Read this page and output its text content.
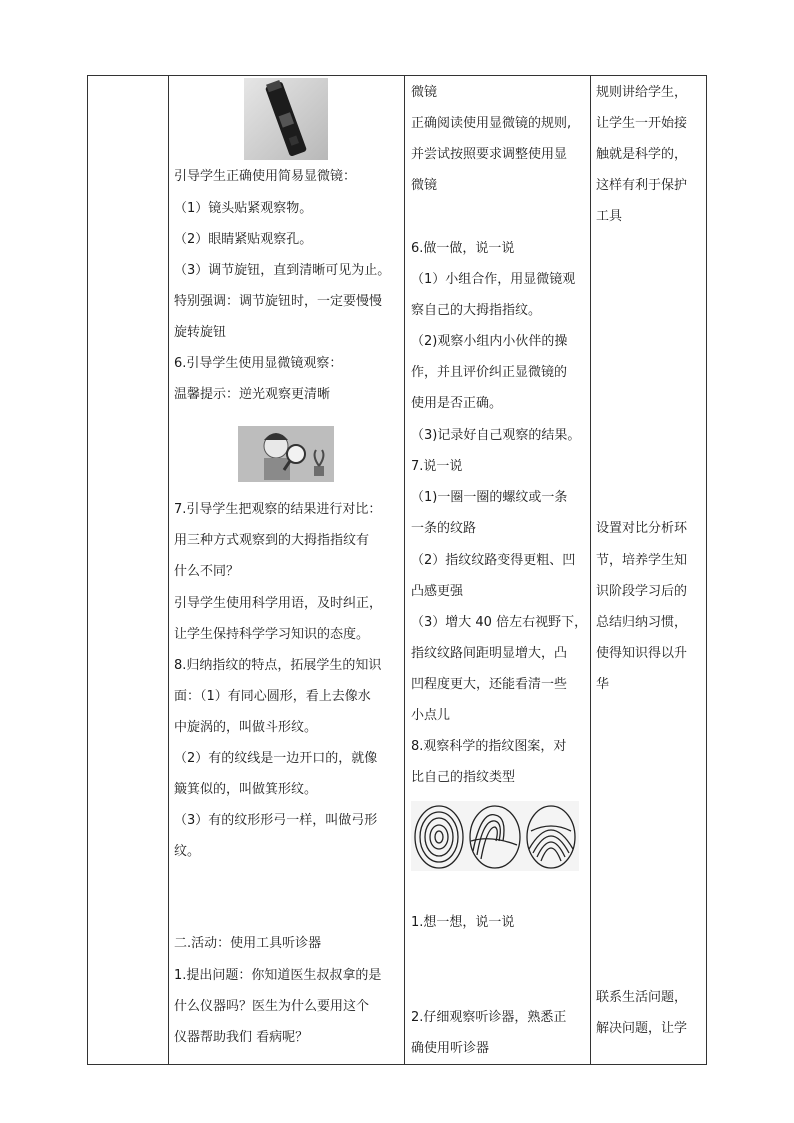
引导学生正确使用简易显微镜：
（1）镜头贴紧观察物。
（2）眼睛紧贴观察孔。
（3）调节旋钮，直到清晰可见为止。
特别强调：调节旋钮时，一定要慢慢
旋转旋钮
6.引导学生使用显微镜观察：
温馨提示：逆光观察更清晰
7.引导学生把观察的结果进行对比：
用三种方式观察到的大拇指指纹有
什么不同？
引导学生使用科学用语，及时纠正，
让学生保持科学学习知识的态度。
8.归纳指纹的特点，拓展学生的知识
面：（1）有同心圆形，看上去像水
中旋涡的，叫做斗形纹。
（2）有的纹线是一边开口的，就像
簸箕似的，叫做箕形纹。
（3）有的纹形形弓一样，叫做弓形
纹。
二.活动：使用工具听诊器
1.提出问题：你知道医生叔叔拿的是
什么仪器吗？医生为什么要用这个
仪器帮助我们 看病呢？
微镜
正确阅读使用显微镜的规则,
并尝试按照要求调整使用显
微镜
6.做一做，说一说
（1）小组合作，用显微镜观
察自己的大拇指指纹。
（2)观察小组内小伙伴的操
作，并且评价纠正显微镜的
使用是否正确。
（3)记录好自己观察的结果。
7.说一说
（1)一圈一圈的螺纹或一条
一条的纹路
（2）指纹纹路变得更粗、凹
凸感更强
（3）增大 40 倍左右视野下，
指纹纹路间距明显增大，凸
凹程度更大，还能看清一些
小点儿
8.观察科学的指纹图案，对
比自己的指纹类型
1.想一想，说一说
2.仔细观察听诊器，熟悉正
确使用听诊器
规则讲给学生，
让学生一开始接
触就是科学的，
这样有利于保护
工具
设置对比分析环
节，培养学生知
识阶段学习后的
总结归纳习惯，
使得知识得以升
华
联系生活问题，
解决问题，让学
